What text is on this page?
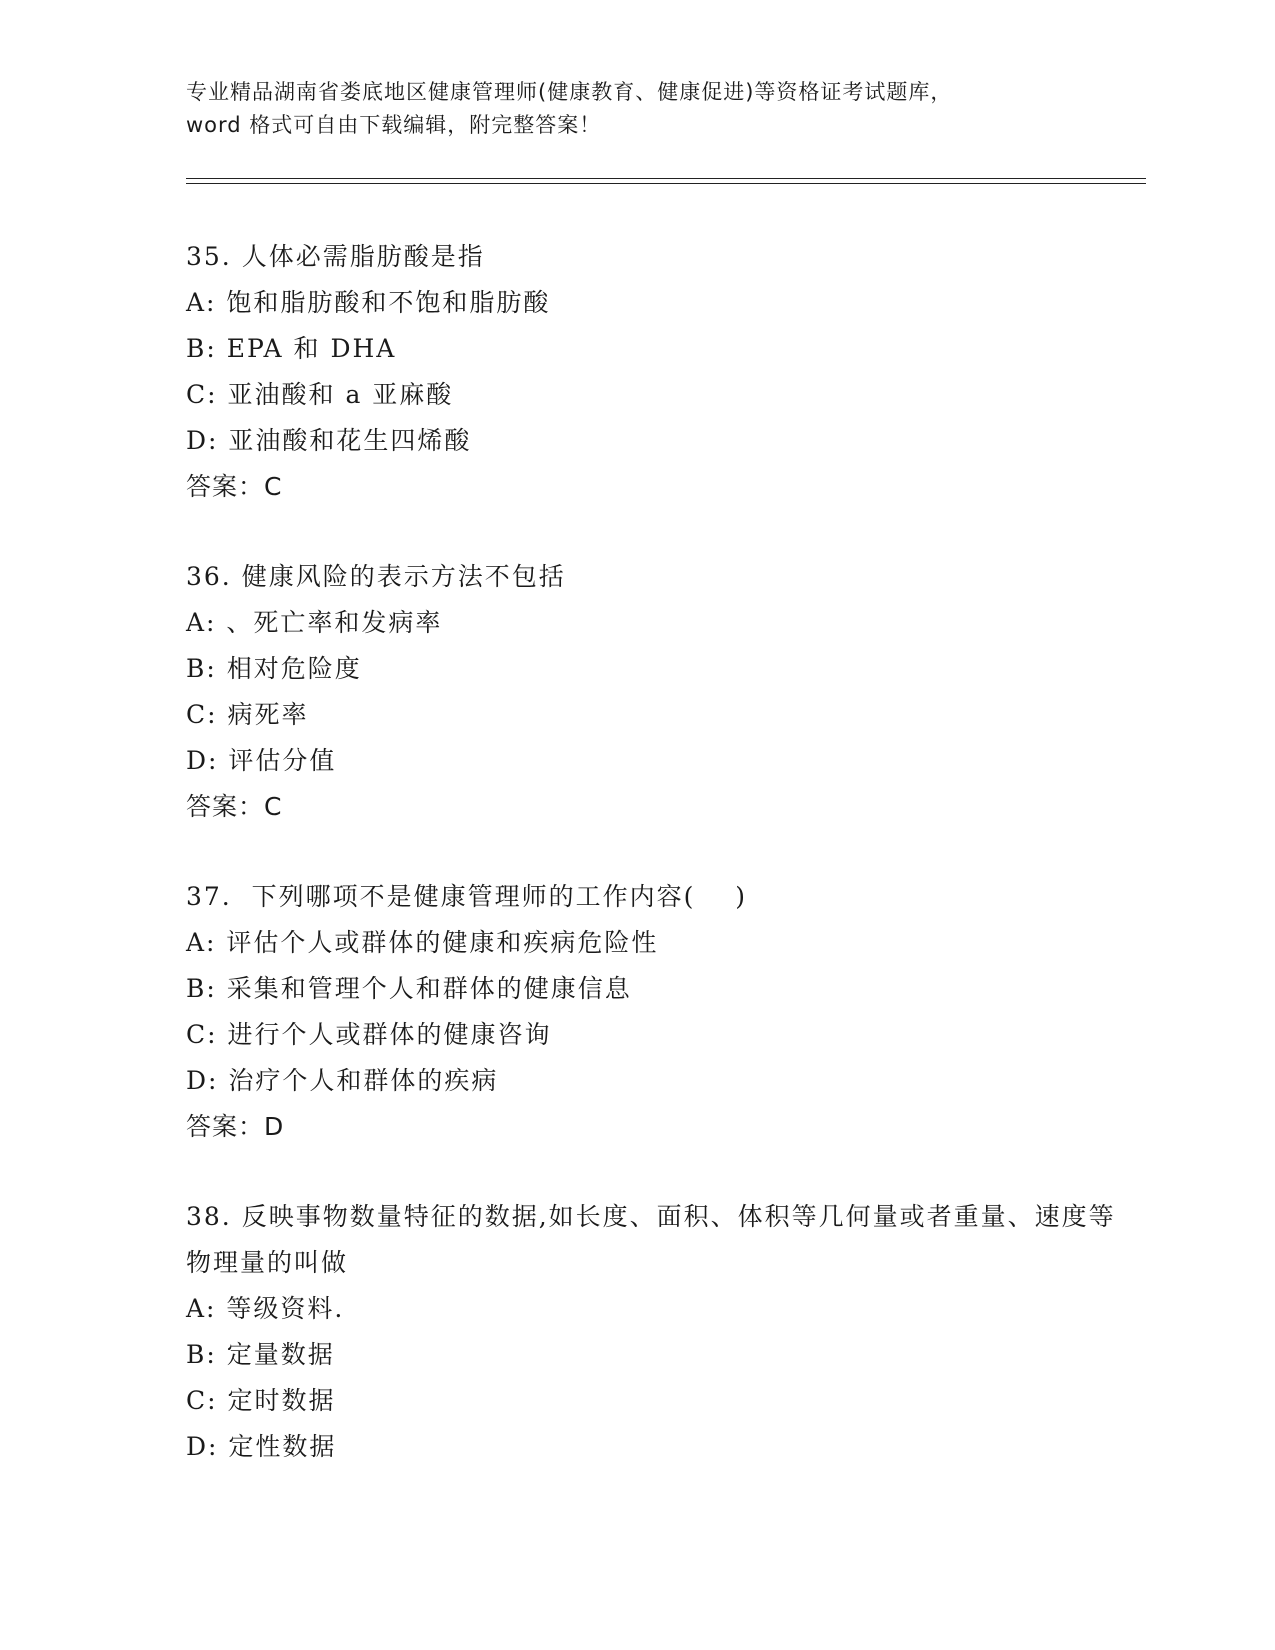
专业精品湖南省娄底地区健康管理师(健康教育、健康促进)等资格证考试题库，
word 格式可自由下载编辑，附完整答案！
35. 人体必需脂肪酸是指
A: 饱和脂肪酸和不饱和脂肪酸
B: EPA 和 DHA
C: 亚油酸和 a 亚麻酸
D: 亚油酸和花生四烯酸
答案：C
36. 健康风险的表示方法不包括
A: 、死亡率和发病率
B: 相对危险度
C: 病死率
D: 评估分值
答案：C
37.  下列哪项不是健康管理师的工作内容(    )
A: 评估个人或群体的健康和疾病危险性
B: 采集和管理个人和群体的健康信息
C: 进行个人或群体的健康咨询
D: 治疗个人和群体的疾病
答案：D
38. 反映事物数量特征的数据,如长度、面积、体积等几何量或者重量、速度等物理量的叫做
A: 等级资料.
B: 定量数据
C: 定时数据
D: 定性数据
